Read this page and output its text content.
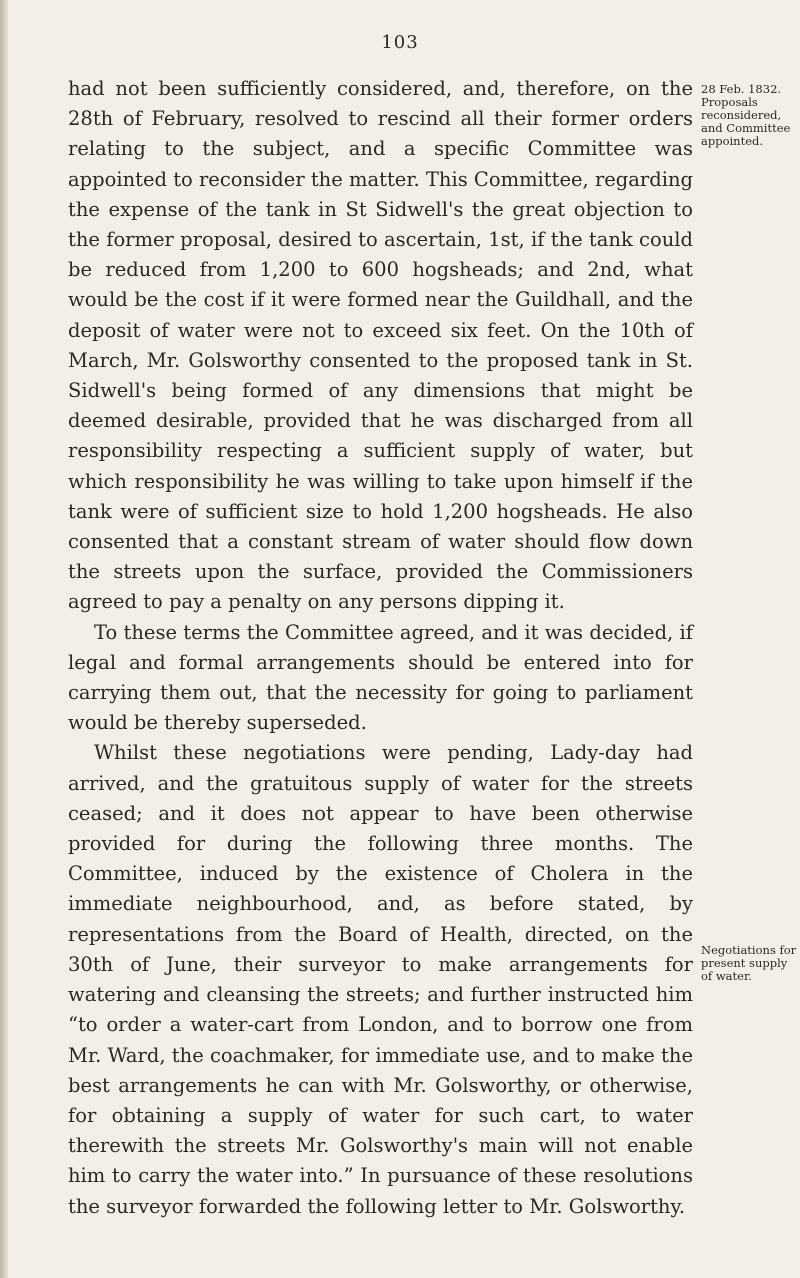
103

had not been sufficiently considered, and, therefore, on the 28th of February, resolved to rescind all their former orders relating to the subject, and a specific Committee was appointed to reconsider the matter. This Committee, regarding the expense of the tank in St Sidwell's the great objection to the former proposal, desired to ascertain, 1st, if the tank could be reduced from 1,200 to 600 hogsheads; and 2nd, what would be the cost if it were formed near the Guildhall, and the deposit of water were not to exceed six feet. On the 10th of March, Mr. Golsworthy consented to the proposed tank in St. Sidwell's being formed of any dimensions that might be deemed desirable, provided that he was discharged from all responsibility respecting a sufficient supply of water, but which responsibility he was willing to take upon himself if the tank were of sufficient size to hold 1,200 hogsheads. He also consented that a constant stream of water should flow down the streets upon the surface, provided the Commissioners agreed to pay a penalty on any persons dipping it.

To these terms the Committee agreed, and it was decided, if legal and formal arrangements should be entered into for carrying them out, that the necessity for going to parliament would be thereby superseded.

Whilst these negotiations were pending, Lady-day had arrived, and the gratuitous supply of water for the streets ceased; and it does not appear to have been otherwise provided for during the following three months. The Committee, induced by the existence of Cholera in the immediate neighbourhood, and, as before stated, by representations from the Board of Health, directed, on the 30th of June, their surveyor to make arrangements for watering and cleansing the streets; and further instructed him “to order a water-cart from London, and to borrow one from Mr. Ward, the coachmaker, for immediate use, and to make the best arrangements he can with Mr. Golsworthy, or otherwise, for obtaining a supply of water for such cart, to water therewith the streets Mr. Golsworthy's main will not enable him to carry the water into.” In pursuance of these resolutions the surveyor forwarded the following letter to Mr. Golsworthy.

28 Feb. 1832. Proposals reconsidered, and Committee appointed.
Negotiations for present supply of water.
